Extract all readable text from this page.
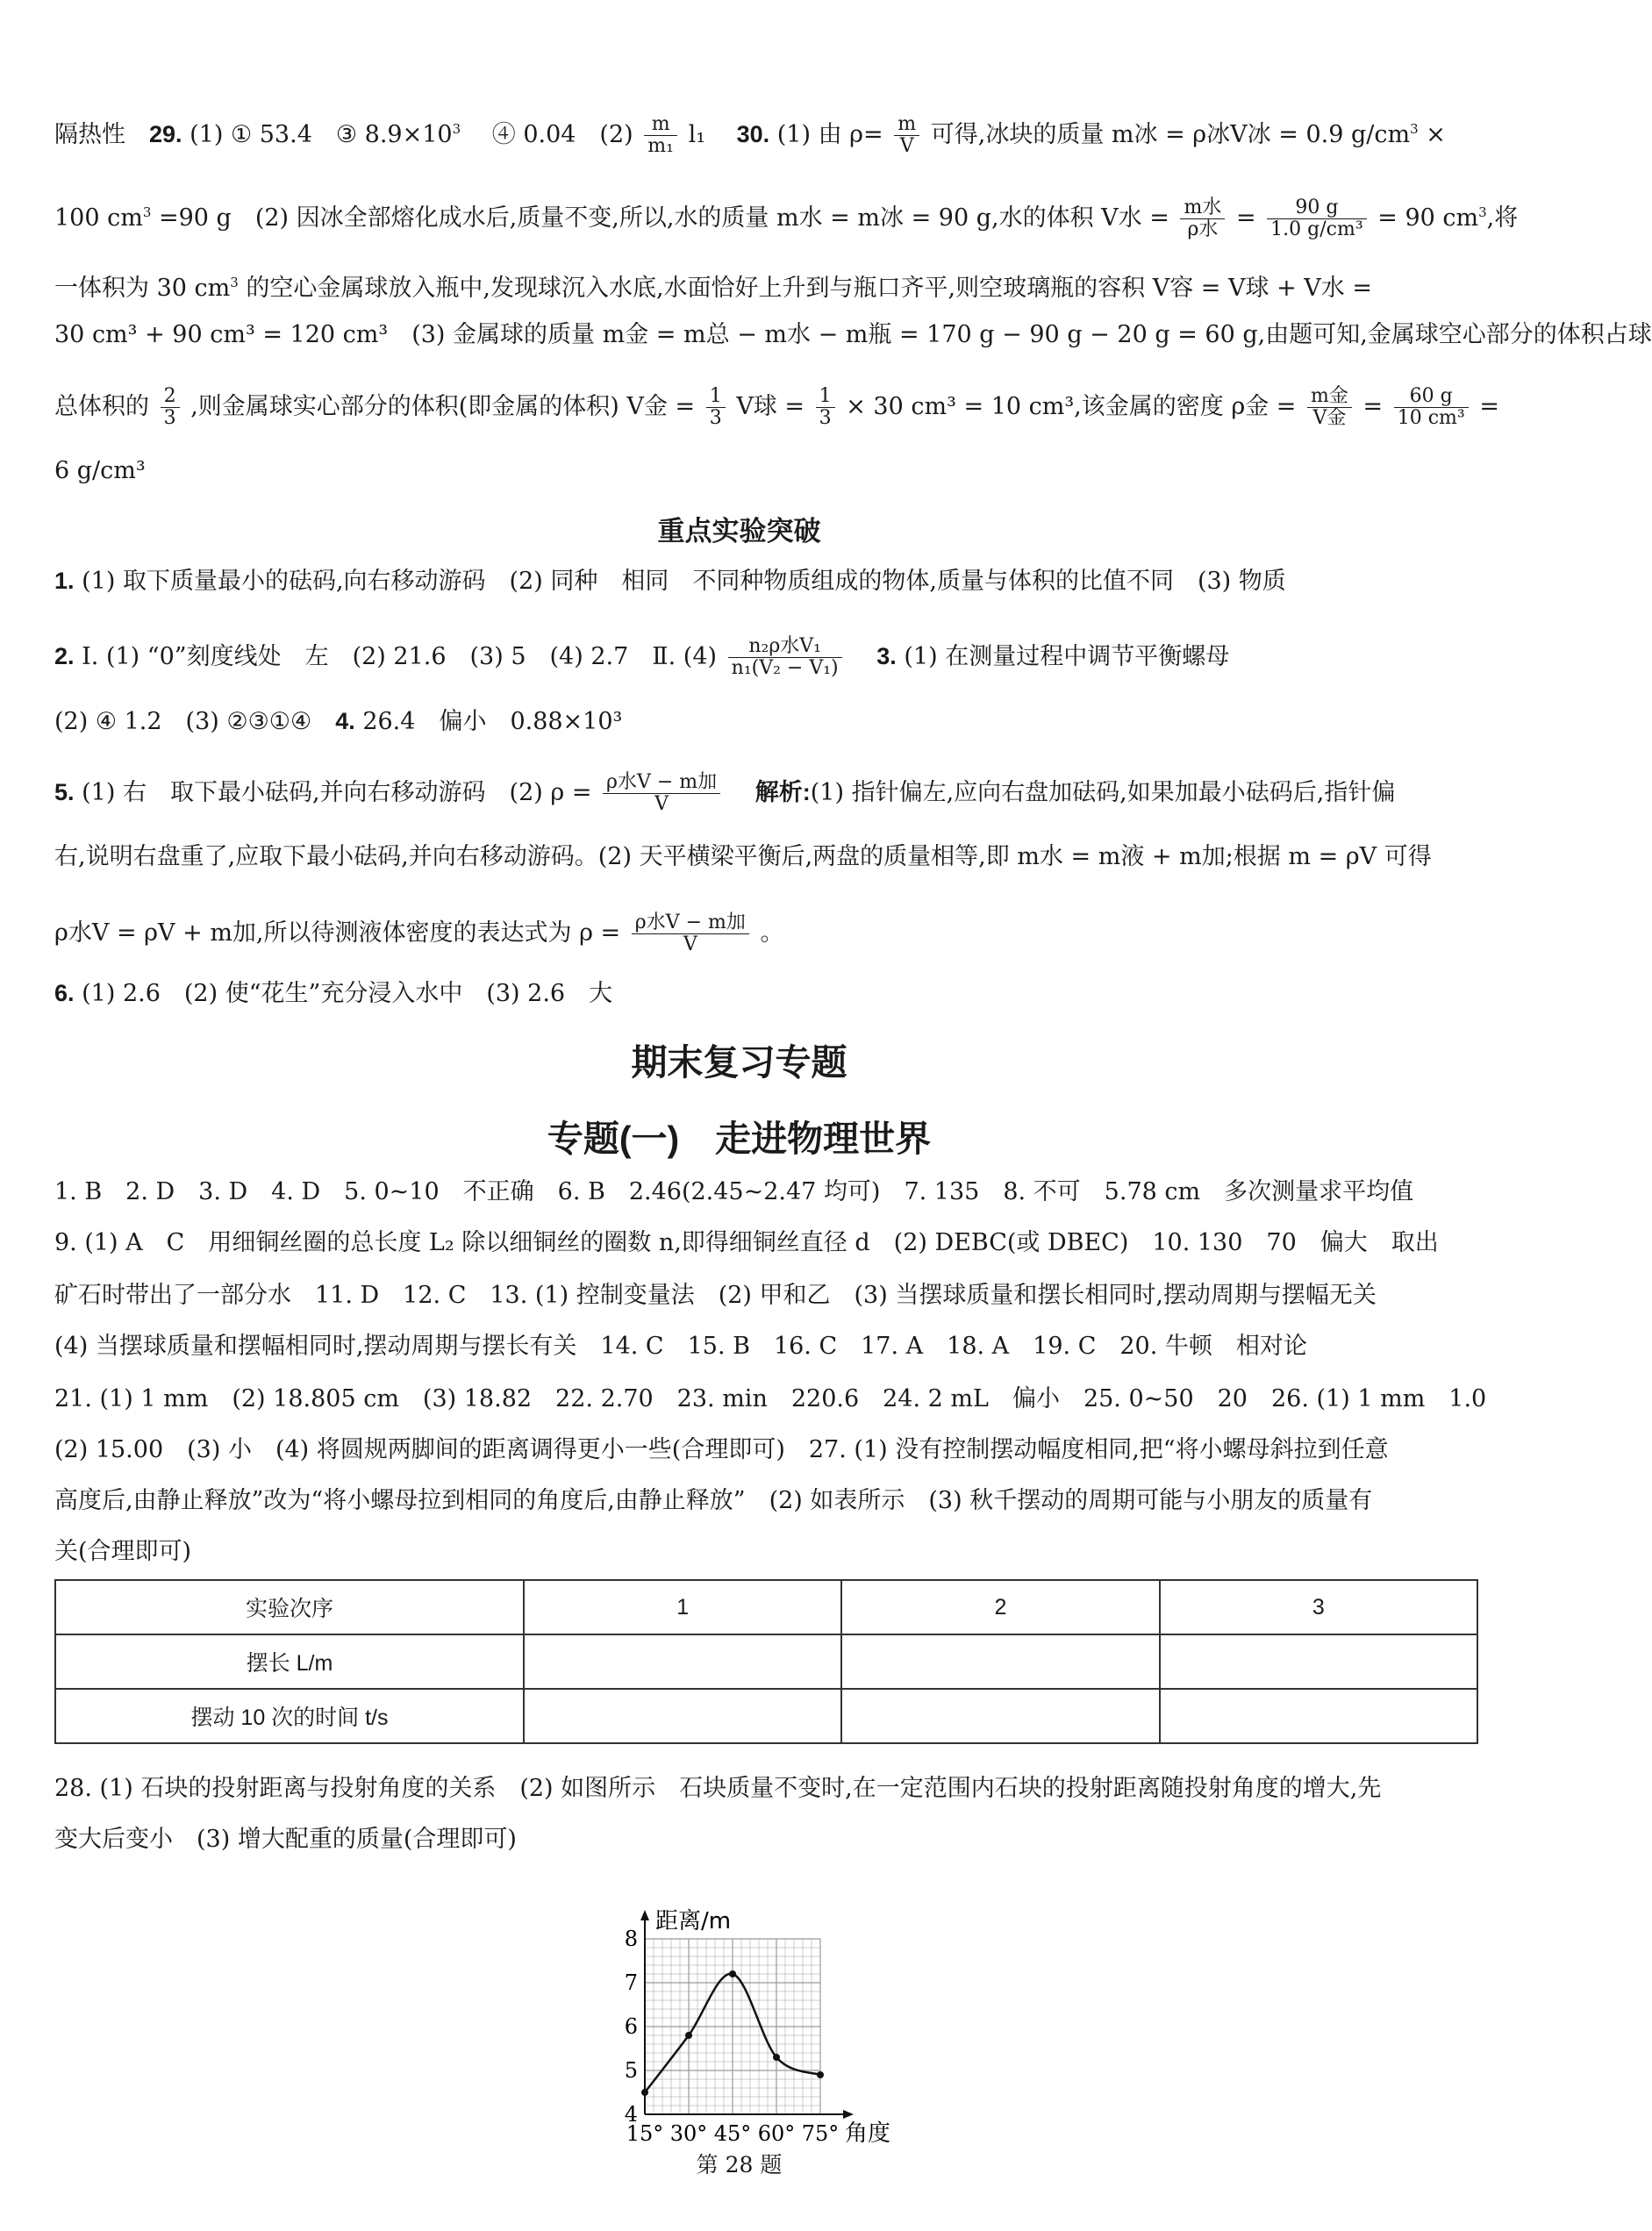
隔热性　 29. (1) ① 53.4　③ $8.9\times 10^3$ 　④ 0.04　$(2) \frac{m}{\text{m₁}} l_1$　 30. (1) 由 $\rho= \frac{m}{V}$ 可得,冰块的质量 m冰 = ρ冰V冰 = 0.9 $g/cm^3$ ×
100 $cm^3 =90$ g　(2) 因冰全部熔化成水后,质量不变,所以,水的质量 m水 = m冰 = 90 g,水的体积 V水 = $\frac{\text{m水}}{\text{ρ水}} = \frac{90 g}{\text{1.0 g/cm³}} = 90$ $cm^3$,将
一体积为 30 $cm^3$ 的空心金属球放入瓶中,发现球沉入水底,水面恰好上升到与瓶口齐平,则空玻璃瓶的容积 V容 = V球 + V水 =
30 cm³ + 90 cm³ = 120 cm³　(3) 金属球的质量 m金 = m总 − m水 − m瓶 = 170 g − 90 g − 20 g = 60 g,由题可知,金属球空心部分的体积占球
总体积的 $\frac{2}{3}$ ,则金属球实心部分的体积(即金属的体积) V金 = $\frac{1}{3}$ V球 = $\frac{1}{3} \times 30$ cm³ = 10 cm³,该金属的密度 ρ金 = $\frac{\text{m金}}{\text{V金}} = \frac{60 g}{\text{10 cm³}}$ =
6 g/cm³
重点实验突破
1. (1) 取下质量最小的砝码,向右移动游码　(2) 同种　相同　不同种物质组成的物体,质量与体积的比值不同　(3) 物质
2. Ⅰ. (1) “0”刻度线处　左　(2) 21.6　(3) 5　(4) 2.7　Ⅱ. $(4) \frac{\text{n₂ρ水V₁}}{\text{n₁(V₂ − V₁)}}$
　 3. (1) 在测量过程中调节平衡螺母
(2) ④ 1.2　(3) ②③①④　4. 26.4　偏小　0.88×10³
5. (1) 右　取下最小砝码,并向右移动游码　(2) $\rho = \frac{\text{ρ水V − m加}}{V}$
　 解析:(1) 指针偏左,应向右盘加砝码,如果加最小砝码后,指针偏
右,说明右盘重了,应取下最小砝码,并向右移动游码。(2) 天平横梁平衡后,两盘的质量相等,即 m水 = m液 + m加;根据 m = ρV 可得
ρ水V = ρV + m加,所以待测液体密度的表达式为 $\rho = \frac{\text{ρ水V − m加}}{V}$ 。
6. (1) 2.6　(2) 使“花生”充分浸入水中　(3) 2.6　大
期末复习专题
专题(一)　走进物理世界
1. B　2. D　3. D　4. D　5. 0~10　不正确　6. B　2.46(2.45~2.47 均可)　7. 135　8. 不可　5.78 cm　多次测量求平均值
9. (1) A　C　用细铜丝圈的总长度 L₂ 除以细铜丝的圈数 n,即得细铜丝直径 d　(2) DEBC(或 DBEC)　10. 130　70　偏大　取出
矿石时带出了一部分水　11. D　12. C　13. (1) 控制变量法　(2) 甲和乙　(3) 当摆球质量和摆长相同时,摆动周期与摆幅无关
(4) 当摆球质量和摆幅相同时,摆动周期与摆长有关　14. C　15. B　16. C　17. A　18. A　19. C　20. 牛顿　相对论
21. (1) 1 mm　(2) 18.805 cm　(3) 18.82　22. 2.70　23. min　220.6　24. 2 mL　偏小　25. 0~50　20　26. (1) 1 mm　1.0
(2) 15.00　(3) 小　(4) 将圆规两脚间的距离调得更小一些(合理即可)　27. (1) 没有控制摆动幅度相同,把“将小螺母斜拉到任意
高度后,由静止释放”改为“将小螺母拉到相同的角度后,由静止释放”　(2) 如表所示　(3) 秋千摆动的周期可能与小朋友的质量有
关(合理即可)
实验次序	1	2	3
摆长 L/m			
摆动 10 次的时间 t/s			
28. (1) 石块的投射距离与投射角度的关系　(2) 如图所示　石块质量不变时,在一定范围内石块的投射距离随投射角度的增大,先
变大后变小　(3) 增大配重的质量(合理即可)
4
5
6
7
8
15° 30° 45° 60° 75°
距离/m
角度
第 28 题
